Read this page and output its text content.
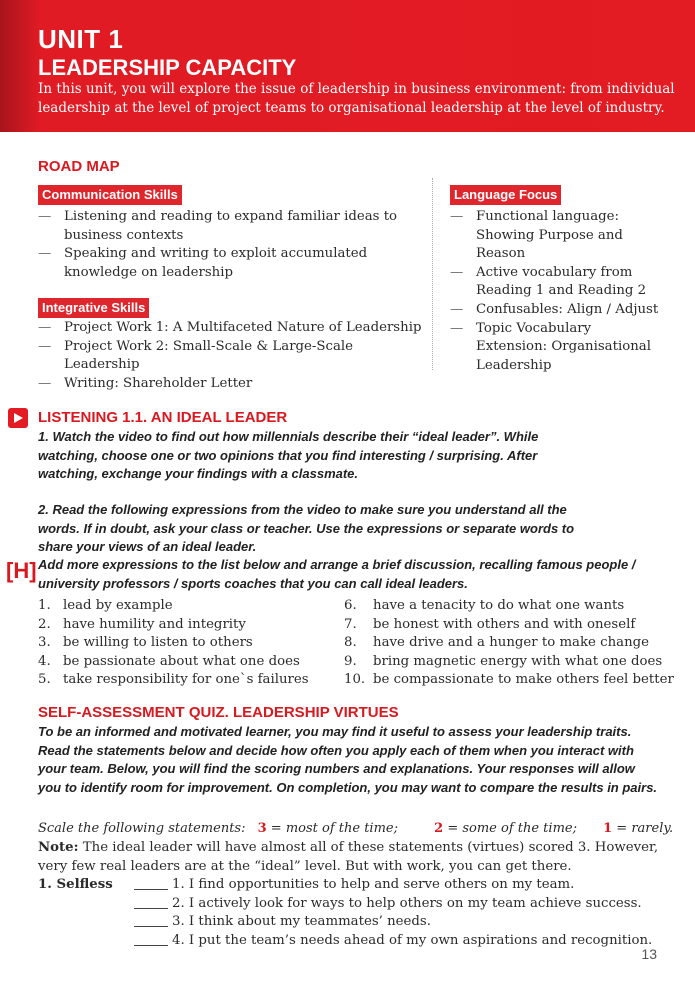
UNIT 1
LEADERSHIP CAPACITY
In this unit, you will explore the issue of leadership in business environment: from individual leadership at the level of project teams to organisational leadership at the level of industry.
ROAD MAP
Communication Skills
— Listening and reading to expand familiar ideas to business contexts
— Speaking and writing to exploit accumulated knowledge on leadership
Integrative Skills
— Project Work 1: A Multifaceted Nature of Leadership
— Project Work 2: Small-Scale & Large-Scale Leadership
— Writing: Shareholder Letter
Language Focus
— Functional language: Showing Purpose and Reason
— Active vocabulary from Reading 1 and Reading 2
— Confusables: Align / Adjust
— Topic Vocabulary Extension: Organisational Leadership
LISTENING 1.1. AN IDEAL LEADER
1. Watch the video to find out how millennials describe their “ideal leader”. While watching, choose one or two opinions that you find interesting / surprising. After watching, exchange your findings with a classmate.
2. Read the following expressions from the video to make sure you understand all the words. If in doubt, ask your class or teacher. Use the expressions or separate words to share your views of an ideal leader.
[H] Add more expressions to the list below and arrange a brief discussion, recalling famous people / university professors / sports coaches that you can call ideal leaders.
1. lead by example
2. have humility and integrity
3. be willing to listen to others
4. be passionate about what one does
5. take responsibility for one`s failures
6. have a tenacity to do what one wants
7. be honest with others and with oneself
8. have drive and a hunger to make change
9. bring magnetic energy with what one does
10. be compassionate to make others feel better
SELF-ASSESSMENT QUIZ. LEADERSHIP VIRTUES
To be an informed and motivated learner, you may find it useful to assess your leadership traits. Read the statements below and decide how often you apply each of them when you interact with your team. Below, you will find the scoring numbers and explanations. Your responses will allow you to identify room for improvement. On completion, you may want to compare the results in pairs.
Scale the following statements: 3 = most of the time;	2 = some of the time; 1 = rarely.
Note: The ideal leader will have almost all of these statements (virtues) scored 3. However, very few real leaders are at the “ideal” level. But with work, you can get there.
1. Selfless	1. I find opportunities to help and serve others on my team.
2. I actively look for ways to help others on my team achieve success.
3. I think about my teammates’ needs.
4. I put the team’s needs ahead of my own aspirations and recognition.
13
